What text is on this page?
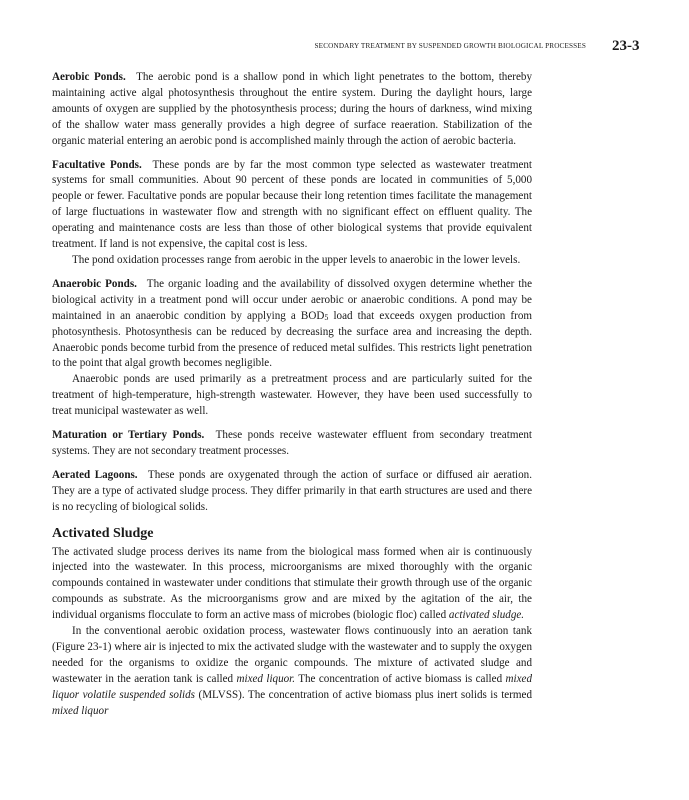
SECONDARY TREATMENT BY SUSPENDED GROWTH BIOLOGICAL PROCESSES 23-3

Aerobic Ponds. The aerobic pond is a shallow pond in which light penetrates to the bottom, thereby maintaining active algal photosynthesis throughout the entire system. During the daylight hours, large amounts of oxygen are supplied by the photosynthesis process; during the hours of darkness, wind mixing of the shallow water mass generally provides a high degree of surface reaeration. Stabilization of the organic material entering an aerobic pond is accomplished mainly through the action of aerobic bacteria.

Facultative Ponds. These ponds are by far the most common type selected as wastewater treatment systems for small communities. About 90 percent of these ponds are located in communities of 5,000 people or fewer. Facultative ponds are popular because their long retention times facilitate the management of large fluctuations in wastewater flow and strength with no significant effect on effluent quality. The operating and maintenance costs are less than those of other biological systems that provide equivalent treatment. If land is not expensive, the capital cost is less.

The pond oxidation processes range from aerobic in the upper levels to anaerobic in the lower levels.

Anaerobic Ponds. The organic loading and the availability of dissolved oxygen determine whether the biological activity in a treatment pond will occur under aerobic or anaerobic conditions. A pond may be maintained in an anaerobic condition by applying a $BOD_5$ load that exceeds oxygen production from photosynthesis. Photosynthesis can be reduced by decreasing the surface area and increasing the depth. Anaerobic ponds become turbid from the presence of reduced metal sulfides. This restricts light penetration to the point that algal growth becomes negligible.

Anaerobic ponds are used primarily as a pretreatment process and are particularly suited for the treatment of high-temperature, high-strength wastewater. However, they have been used successfully to treat municipal wastewater as well.

Maturation or Tertiary Ponds. These ponds receive wastewater effluent from secondary treatment systems. They are not secondary treatment processes.

Aerated Lagoons. These ponds are oxygenated through the action of surface or diffused air aeration. They are a type of activated sludge process. They differ primarily in that earth structures are used and there is no recycling of biological solids.

Activated Sludge

The activated sludge process derives its name from the biological mass formed when air is continuously injected into the wastewater. In this process, microorganisms are mixed thoroughly with the organic compounds contained in wastewater under conditions that stimulate their growth through use of the organic compounds as substrate. As the microorganisms grow and are mixed by the agitation of the air, the individual organisms flocculate to form an active mass of microbes (biologic floc) called activated sludge.

In the conventional aerobic oxidation process, wastewater flows continuously into an aeration tank (Figure 23-1) where air is injected to mix the activated sludge with the wastewater and to supply the oxygen needed for the organisms to oxidize the organic compounds. The mixture of activated sludge and wastewater in the aeration tank is called mixed liquor. The concentration of active biomass is called mixed liquor volatile suspended solids (MLVSS). The concentration of active biomass plus inert solids is termed mixed liquor
